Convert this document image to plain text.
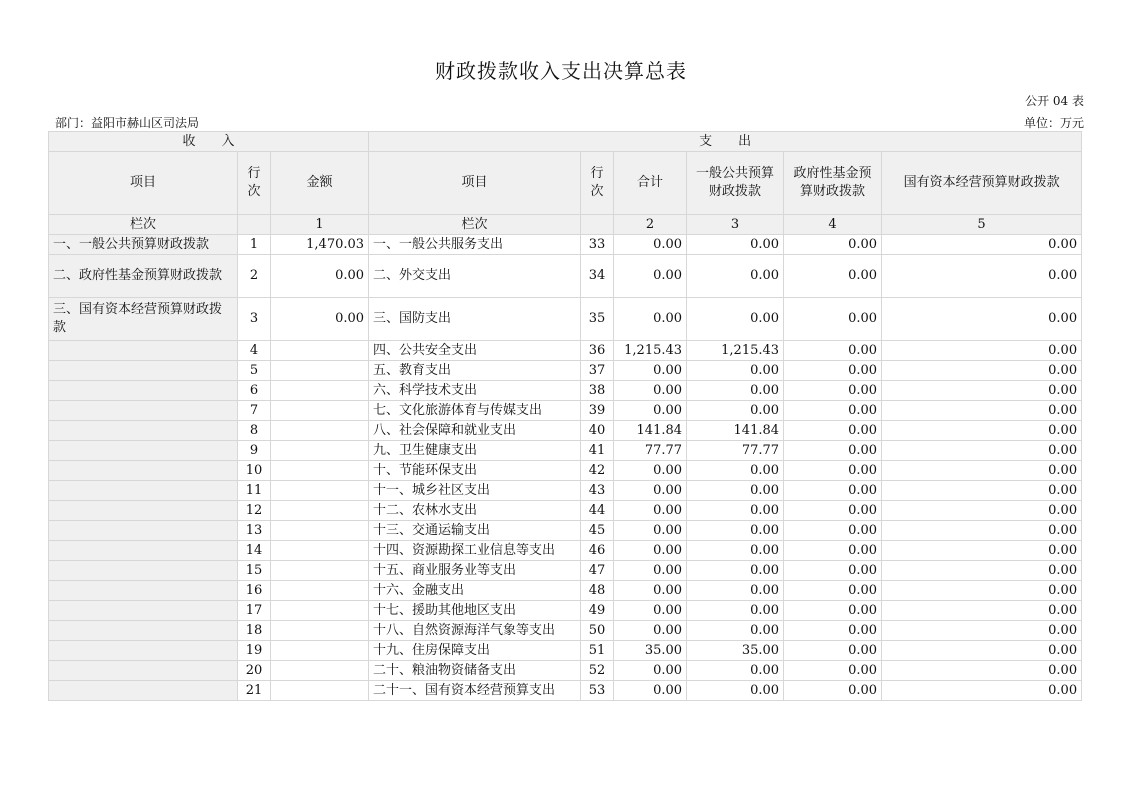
财政拨款收入支出决算总表
公开 04 表
部门：益阳市赫山区司法局	单位：万元
收　　入			支　　出					
项目	行次	金额	项目	行次	合计	一般公共预算财政拨款	政府性基金预算财政拨款	国有资本经营预算财政拨款
栏次		1	栏次		2	3	4	5
一、一般公共预算财政拨款	1	1,470.03	一、一般公共服务支出	33	0.00	0.00	0.00	0.00
二、政府性基金预算财政拨款	2	0.00	二、外交支出	34	0.00	0.00	0.00	0.00
三、国有资本经营预算财政拨款	3	0.00	三、国防支出	35	0.00	0.00	0.00	0.00
	4		四、公共安全支出	36	1,215.43	1,215.43	0.00	0.00
	5		五、教育支出	37	0.00	0.00	0.00	0.00
	6		六、科学技术支出	38	0.00	0.00	0.00	0.00
	7		七、文化旅游体育与传媒支出	39	0.00	0.00	0.00	0.00
	8		八、社会保障和就业支出	40	141.84	141.84	0.00	0.00
	9		九、卫生健康支出	41	77.77	77.77	0.00	0.00
	10		十、节能环保支出	42	0.00	0.00	0.00	0.00
	11		十一、城乡社区支出	43	0.00	0.00	0.00	0.00
	12		十二、农林水支出	44	0.00	0.00	0.00	0.00
	13		十三、交通运输支出	45	0.00	0.00	0.00	0.00
	14		十四、资源勘探工业信息等支出	46	0.00	0.00	0.00	0.00
	15		十五、商业服务业等支出	47	0.00	0.00	0.00	0.00
	16		十六、金融支出	48	0.00	0.00	0.00	0.00
	17		十七、援助其他地区支出	49	0.00	0.00	0.00	0.00
	18		十八、自然资源海洋气象等支出	50	0.00	0.00	0.00	0.00
	19		十九、住房保障支出	51	35.00	35.00	0.00	0.00
	20		二十、粮油物资储备支出	52	0.00	0.00	0.00	0.00
	21		二十一、国有资本经营预算支出	53	0.00	0.00	0.00	0.00
